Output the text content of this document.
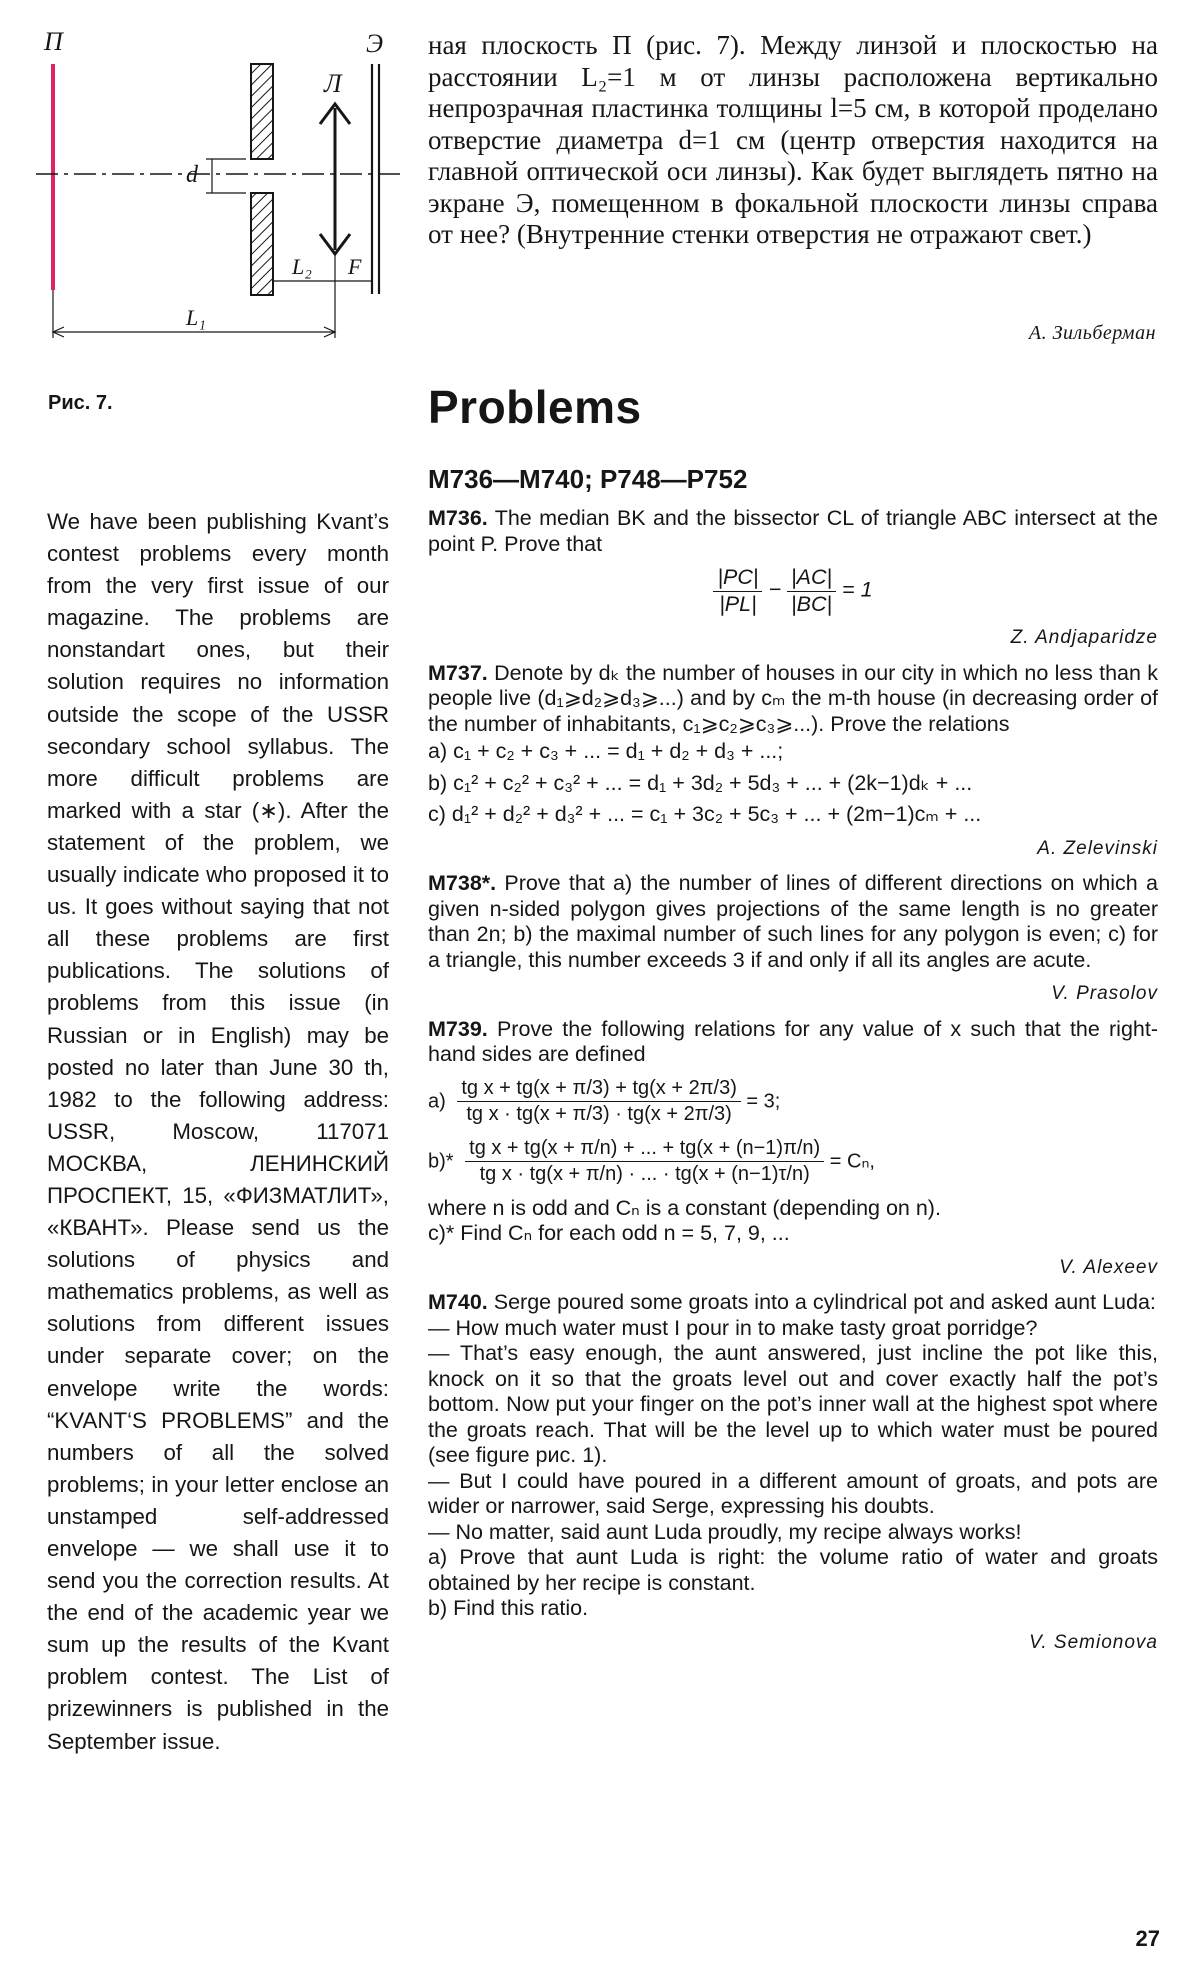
П
d
Л
Э
L₂ F
L₁
Рис. 7.

ная плоскость П (рис. 7). Между линзой и плоскостью на расстоянии L₂=1 м от линзы расположена вертикально непрозрачная пластинка толщины l=5 см, в которой проделано отверстие диаметра d=1 см (центр отверстия находится на главной оптической оси линзы). Как будет выглядеть пятно на экране Э, помещенном в фокальной плоскости линзы справа от нее? (Внутренние стенки отверстия не отражают свет.)

А. Зильберман
Problems
M736—M740; P748—P752
We have been publishing Kvant’s contest problems every month from the very first issue of our magazine. The problems are nonstandart ones, but their solution requires no information outside the scope of the USSR secondary school syllabus. The more difficult problems are marked with a star (∗). After the statement of the problem, we usually indicate who proposed it to us. It goes without saying that not all these problems are first publications. The solutions of problems from this issue (in Russian or in English) may be posted no later than June 30 th, 1982 to the following address: USSR, Moscow, 117071 МОСКВА, ЛЕНИНСКИЙ ПРОСПЕКТ, 15, «ФИЗМАТЛИТ», «КВАНТ». Please send us the solutions of physics and mathematics problems, as well as solutions from different issues under separate cover; on the envelope write the words: “KVANT‘S PROBLEMS” and the numbers of all the solved problems; in your letter enclose an unstamped self-addressed envelope — we shall use it to send you the correction results. At the end of the academic year we sum up the results of the Kvant problem contest. The List of prizewinners is published in the September issue.
M736. The median BK and the bissector CL of triangle ABC intersect at the point P. Prove that
$\frac{|PC|}{|PL|} - \frac{|AC|}{|BC|} = 1$
Z. Andjaparidze
M737. Denote by dₖ the number of houses in our city in which no less than k people live (d₁⩾d₂⩾d₃⩾...) and by cₘ the m-th house (in decreasing order of the number of inhabitants, c₁⩾c₂⩾c₃⩾...). Prove the relations
a) c₁ + c₂ + c₃ + ... = d₁ + d₂ + d₃ + ...;
b) c₁² + c₂² + c₃² + ... = d₁ + 3d₂ + 5d₃ + ... + (2k−1)dₖ + ...
c) d₁² + d₂² + d₃² + ... = c₁ + 3c₂ + 5c₃ + ... + (2m−1)cₘ + ...
A. Zelevinski
M738*. Prove that a) the number of lines of different directions on which a given n-sided polygon gives projections of the same length is no greater than 2n; b) the maximal number of such lines for any polygon is even; c) for a triangle, this number exceeds 3 if and only if all its angles are acute.
V. Prasolov
M739. Prove the following relations for any value of x such that the right-hand sides are defined
$a) \frac{\text{tg x + tg(x + π/3) + tg(x + 2π/3)}}{\text{tg x · tg(x + π/3) · tg(x + 2π/3)}} = 3$;
$b)* \frac{\text{tg x + tg(x + π/n) + ... + tg(x + (n−1)π/n)}}{\text{tg x · tg(x + π/n) · ... · tg(x + (n−1)τ/n)}} = C_n$,
where n is odd and Cₙ is a constant (depending on n).
c)* Find Cₙ for each odd n = 5, 7, 9, ...
V. Alexeev
M740. Serge poured some groats into a cylindrical pot and asked aunt Luda:
— How much water must I pour in to make tasty groat porridge?
— That’s easy enough, the aunt answered, just incline the pot like this, knock on it so that the groats level out and cover exactly half the pot’s bottom. Now put your finger on the pot’s inner wall at the highest spot where the groats reach. That will be the level up to which water must be poured (see figure рис. 1).
— But I could have poured in a different amount of groats, and pots are wider or narrower, said Serge, expressing his doubts.
— No matter, said aunt Luda proudly, my recipe always works!
a) Prove that aunt Luda is right: the volume ratio of water and groats obtained by her recipe is constant.
b) Find this ratio.
V. Semionova
27
